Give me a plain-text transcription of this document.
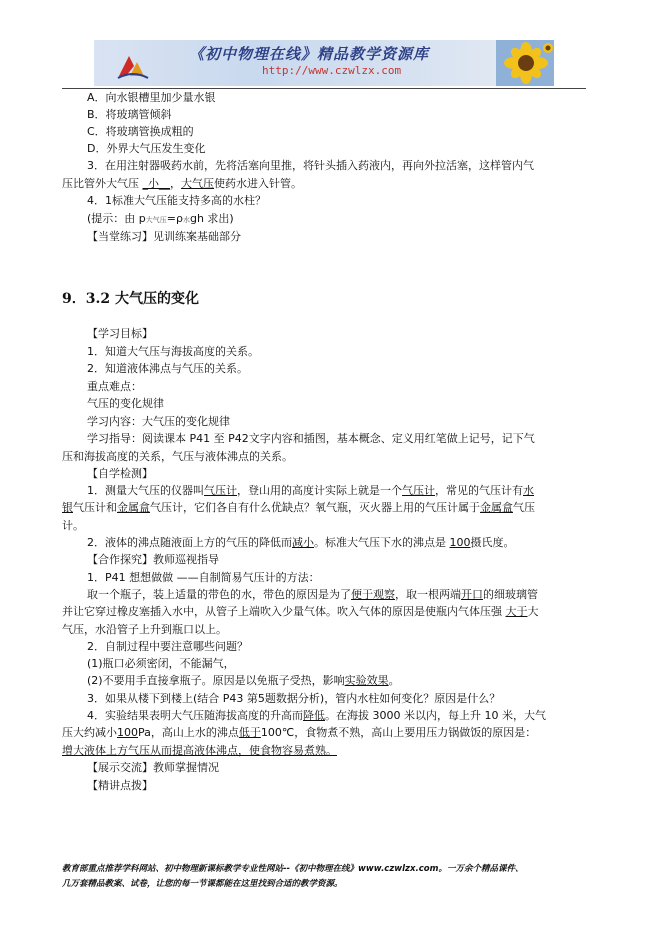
《初中物理在线》精品教学资源库
http://www.czwlzx.com
A．向水银槽里加少量水银
B．将玻璃管倾斜
C．将玻璃管换成粗的
D．外界大气压发生变化
3．在用注射器吸药水前，先将活塞向里推，将针头插入药液内，再向外拉活塞，这样管内气
压比管外大气压 _小__，大气压使药水进入针管。
4．1标准大气压能支持多高的水柱？
(提示：由 p大气压=ρ水gh 求出)
【当堂练习】见训练案基础部分
9．3.2 大气压的变化
【学习目标】
1．知道大气压与海拔高度的关系。
2．知道液体沸点与气压的关系。
重点难点：
气压的变化规律
学习内容：大气压的变化规律
学习指导：阅读课本 P41 至 P42文字内容和插图，基本概念、定义用红笔做上记号，记下气
压和海拔高度的关系，气压与液体沸点的关系。
【自学检测】
1．测量大气压的仪器叫气压计，登山用的高度计实际上就是一个气压计，常见的气压计有水
银气压计和金属盒气压计，它们各自有什么优缺点？氧气瓶，灭火器上用的气压计属于金属盒气压
计。
2．液体的沸点随液面上方的气压的降低而减小。标准大气压下水的沸点是 100摄氏度。
【合作探究】教师巡视指导
1．P41 想想做做 ——自制简易气压计的方法：
取一个瓶子，装上适量的带色的水，带色的原因是为了便于观察，取一根两端开口的细玻璃管
并让它穿过橡皮塞插入水中，从管子上端吹入少量气体。吹入气体的原因是使瓶内气体压强 大于大
气压，水沿管子上升到瓶口以上。
2．自制过程中要注意哪些问题？
(1)瓶口必须密闭，不能漏气，
(2)不要用手直接拿瓶子。原因是以免瓶子受热，影响实验效果。
3．如果从楼下到楼上(结合 P43 第5题数据分析)，管内水柱如何变化？原因是什么？
4．实验结果表明大气压随海拔高度的升高而降低。在海拔 3000 米以内，每上升 10 米，大气
压大约减小100Pa，高山上水的沸点低于100℃，食物煮不熟，高山上要用压力锅做饭的原因是：
增大液体上方气压从而提高液体沸点，使食物容易煮熟。
【展示交流】教师掌握情况
【精讲点拨】
教育部重点推荐学科网站、初中物理新课标教学专业性网站--《初中物理在线》www.czwlzx.com。一万余个精品课件、
几万套精品教案、试卷，让您的每一节课都能在这里找到合适的教学资源。
